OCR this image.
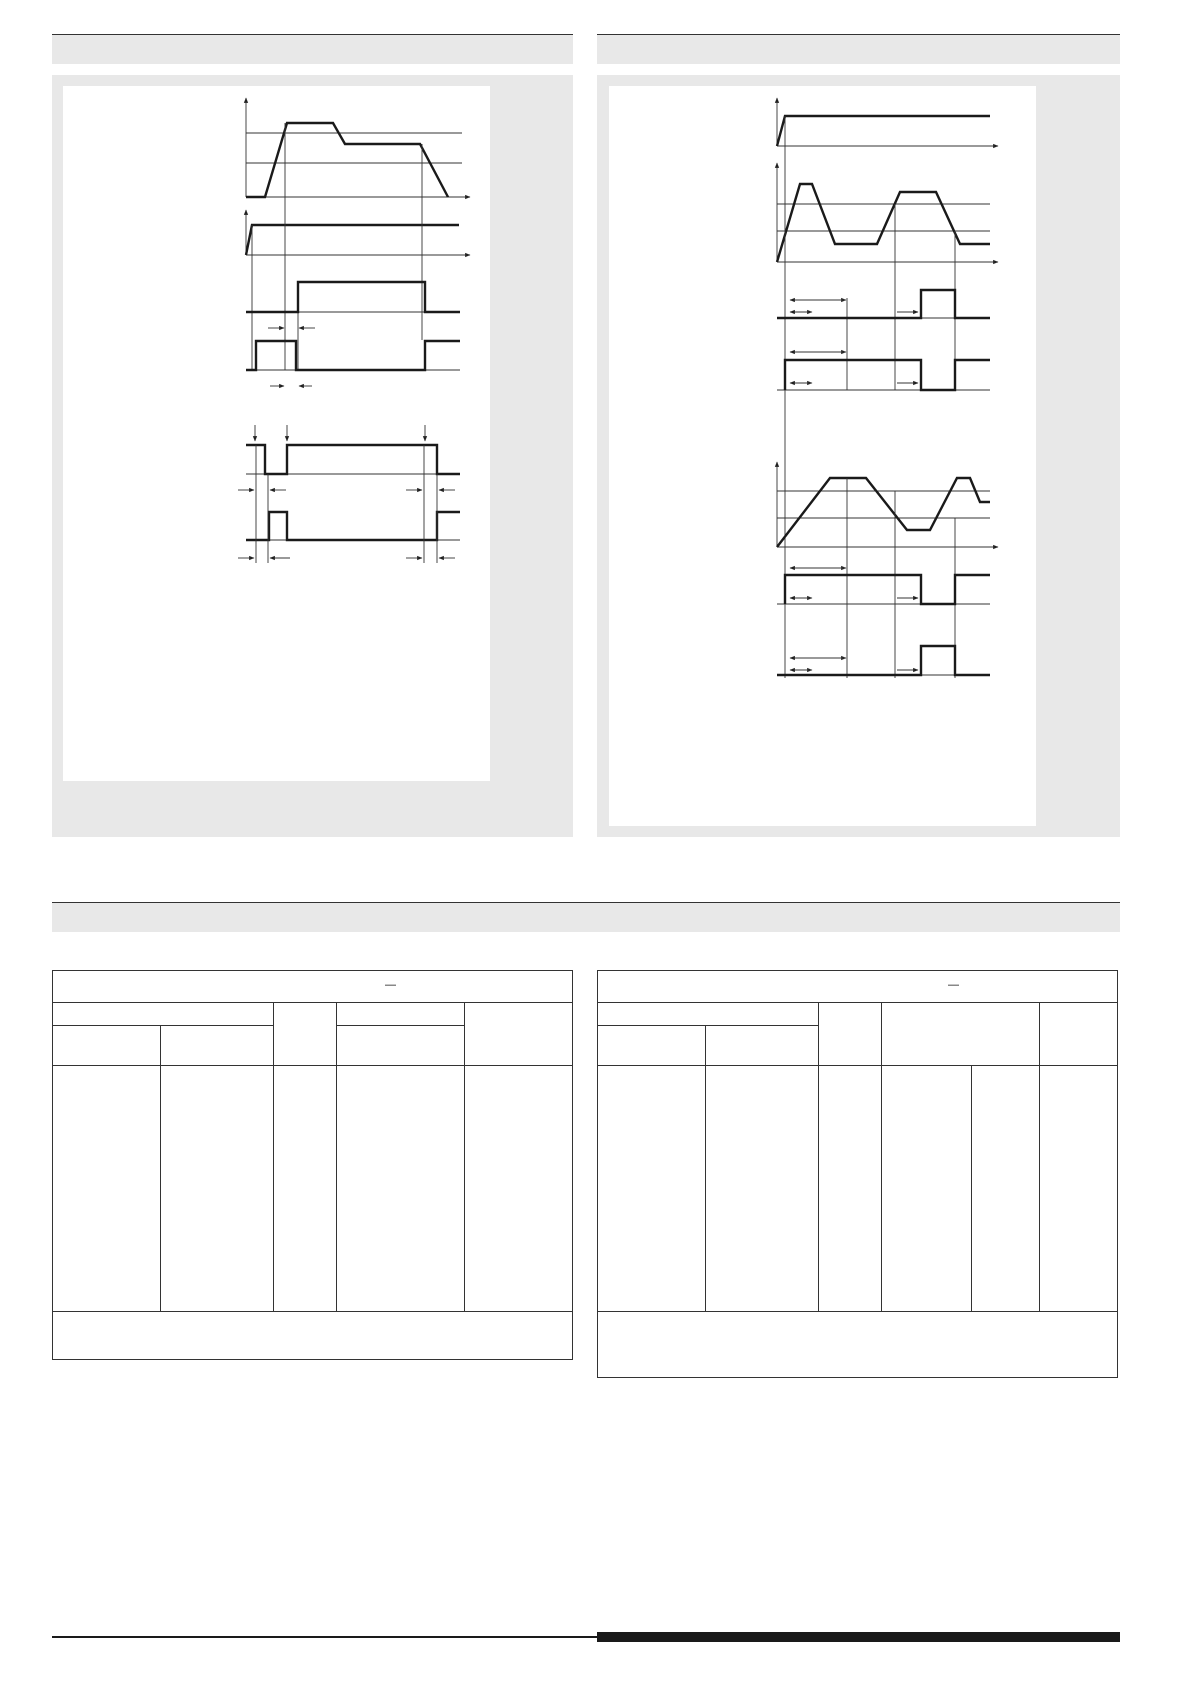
—	—
